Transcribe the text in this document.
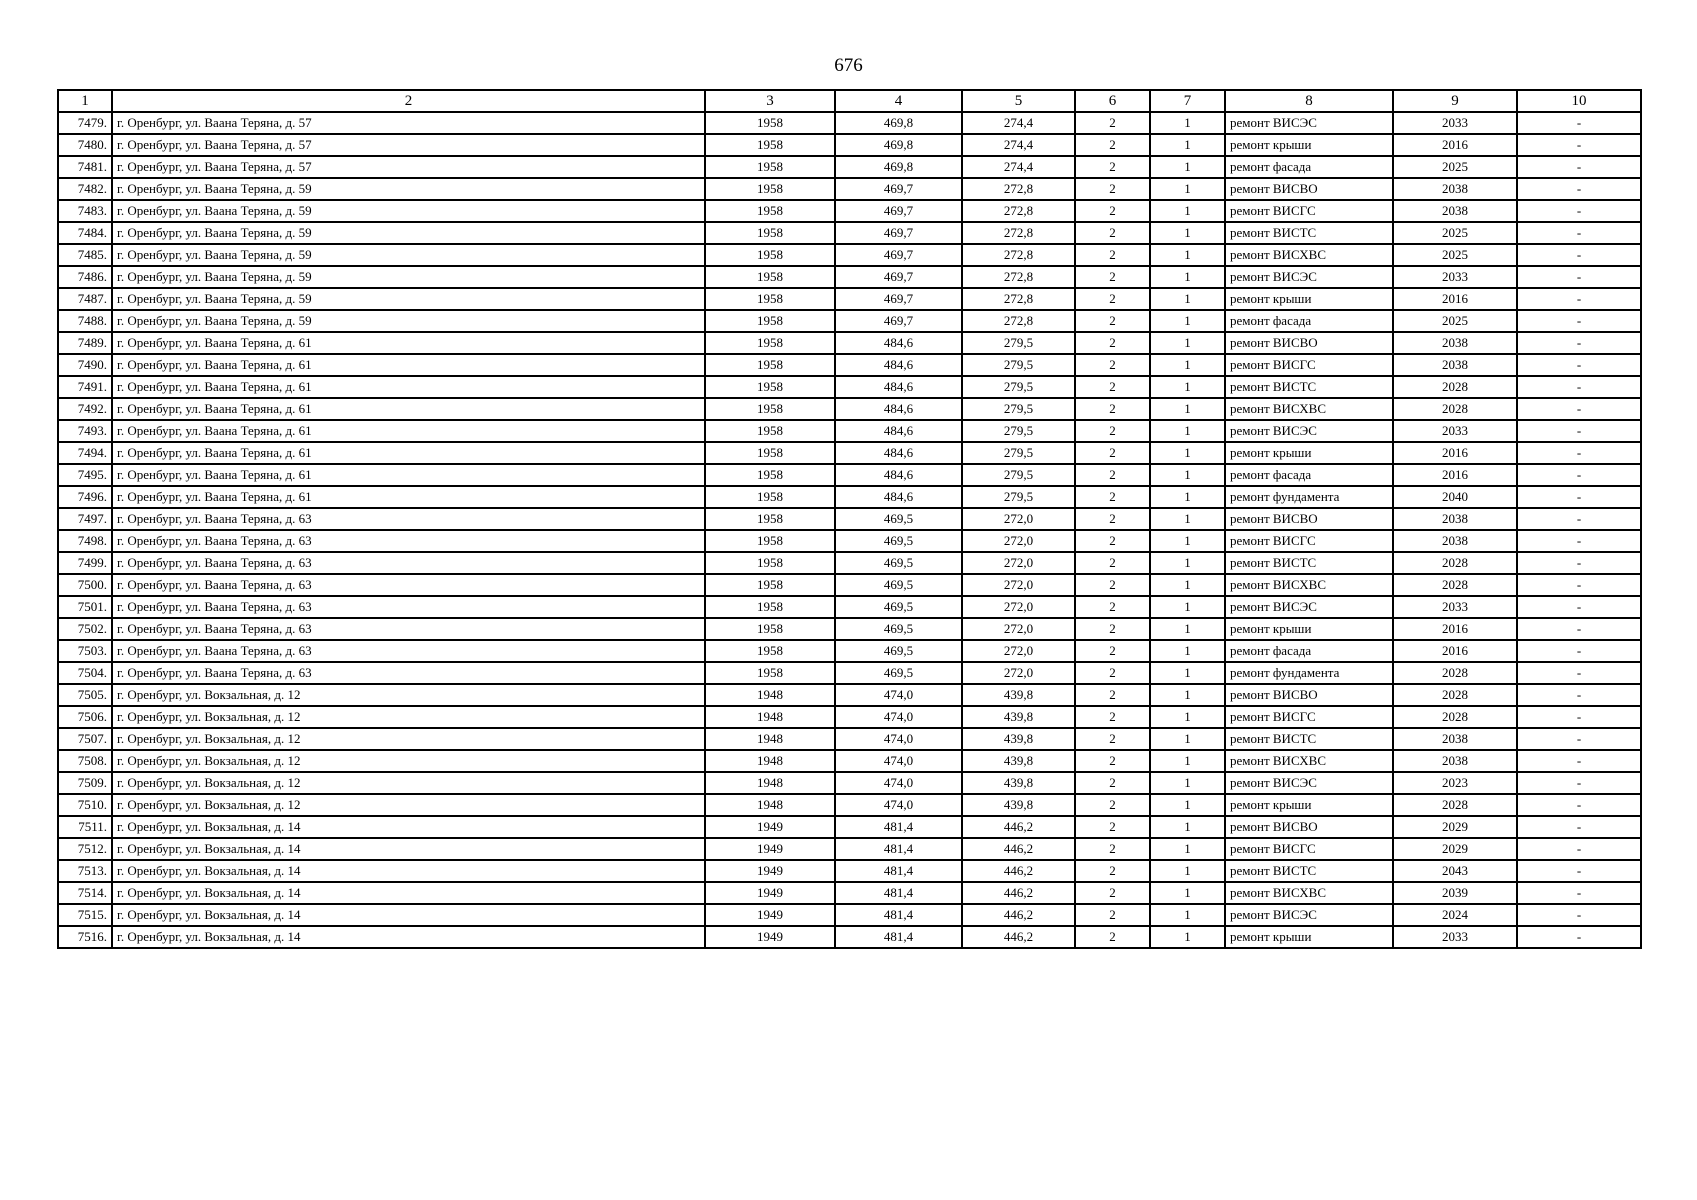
676
1	2	3	4	5	6	7	8	9	10
7479.	г. Оренбург, ул. Ваана Теряна, д. 57	1958	469,8	274,4	2	1	ремонт ВИСЭС	2033	-
7480.	г. Оренбург, ул. Ваана Теряна, д. 57	1958	469,8	274,4	2	1	ремонт крыши	2016	-
7481.	г. Оренбург, ул. Ваана Теряна, д. 57	1958	469,8	274,4	2	1	ремонт фасада	2025	-
7482.	г. Оренбург, ул. Ваана Теряна, д. 59	1958	469,7	272,8	2	1	ремонт ВИСВО	2038	-
7483.	г. Оренбург, ул. Ваана Теряна, д. 59	1958	469,7	272,8	2	1	ремонт ВИСГС	2038	-
7484.	г. Оренбург, ул. Ваана Теряна, д. 59	1958	469,7	272,8	2	1	ремонт ВИСТС	2025	-
7485.	г. Оренбург, ул. Ваана Теряна, д. 59	1958	469,7	272,8	2	1	ремонт ВИСХВС	2025	-
7486.	г. Оренбург, ул. Ваана Теряна, д. 59	1958	469,7	272,8	2	1	ремонт ВИСЭС	2033	-
7487.	г. Оренбург, ул. Ваана Теряна, д. 59	1958	469,7	272,8	2	1	ремонт крыши	2016	-
7488.	г. Оренбург, ул. Ваана Теряна, д. 59	1958	469,7	272,8	2	1	ремонт фасада	2025	-
7489.	г. Оренбург, ул. Ваана Теряна, д. 61	1958	484,6	279,5	2	1	ремонт ВИСВО	2038	-
7490.	г. Оренбург, ул. Ваана Теряна, д. 61	1958	484,6	279,5	2	1	ремонт ВИСГС	2038	-
7491.	г. Оренбург, ул. Ваана Теряна, д. 61	1958	484,6	279,5	2	1	ремонт ВИСТС	2028	-
7492.	г. Оренбург, ул. Ваана Теряна, д. 61	1958	484,6	279,5	2	1	ремонт ВИСХВС	2028	-
7493.	г. Оренбург, ул. Ваана Теряна, д. 61	1958	484,6	279,5	2	1	ремонт ВИСЭС	2033	-
7494.	г. Оренбург, ул. Ваана Теряна, д. 61	1958	484,6	279,5	2	1	ремонт крыши	2016	-
7495.	г. Оренбург, ул. Ваана Теряна, д. 61	1958	484,6	279,5	2	1	ремонт фасада	2016	-
7496.	г. Оренбург, ул. Ваана Теряна, д. 61	1958	484,6	279,5	2	1	ремонт фундамента	2040	-
7497.	г. Оренбург, ул. Ваана Теряна, д. 63	1958	469,5	272,0	2	1	ремонт ВИСВО	2038	-
7498.	г. Оренбург, ул. Ваана Теряна, д. 63	1958	469,5	272,0	2	1	ремонт ВИСГС	2038	-
7499.	г. Оренбург, ул. Ваана Теряна, д. 63	1958	469,5	272,0	2	1	ремонт ВИСТС	2028	-
7500.	г. Оренбург, ул. Ваана Теряна, д. 63	1958	469,5	272,0	2	1	ремонт ВИСХВС	2028	-
7501.	г. Оренбург, ул. Ваана Теряна, д. 63	1958	469,5	272,0	2	1	ремонт ВИСЭС	2033	-
7502.	г. Оренбург, ул. Ваана Теряна, д. 63	1958	469,5	272,0	2	1	ремонт крыши	2016	-
7503.	г. Оренбург, ул. Ваана Теряна, д. 63	1958	469,5	272,0	2	1	ремонт фасада	2016	-
7504.	г. Оренбург, ул. Ваана Теряна, д. 63	1958	469,5	272,0	2	1	ремонт фундамента	2028	-
7505.	г. Оренбург, ул. Вокзальная, д. 12	1948	474,0	439,8	2	1	ремонт ВИСВО	2028	-
7506.	г. Оренбург, ул. Вокзальная, д. 12	1948	474,0	439,8	2	1	ремонт ВИСГС	2028	-
7507.	г. Оренбург, ул. Вокзальная, д. 12	1948	474,0	439,8	2	1	ремонт ВИСТС	2038	-
7508.	г. Оренбург, ул. Вокзальная, д. 12	1948	474,0	439,8	2	1	ремонт ВИСХВС	2038	-
7509.	г. Оренбург, ул. Вокзальная, д. 12	1948	474,0	439,8	2	1	ремонт ВИСЭС	2023	-
7510.	г. Оренбург, ул. Вокзальная, д. 12	1948	474,0	439,8	2	1	ремонт крыши	2028	-
7511.	г. Оренбург, ул. Вокзальная, д. 14	1949	481,4	446,2	2	1	ремонт ВИСВО	2029	-
7512.	г. Оренбург, ул. Вокзальная, д. 14	1949	481,4	446,2	2	1	ремонт ВИСГС	2029	-
7513.	г. Оренбург, ул. Вокзальная, д. 14	1949	481,4	446,2	2	1	ремонт ВИСТС	2043	-
7514.	г. Оренбург, ул. Вокзальная, д. 14	1949	481,4	446,2	2	1	ремонт ВИСХВС	2039	-
7515.	г. Оренбург, ул. Вокзальная, д. 14	1949	481,4	446,2	2	1	ремонт ВИСЭС	2024	-
7516.	г. Оренбург, ул. Вокзальная, д. 14	1949	481,4	446,2	2	1	ремонт крыши	2033	-
